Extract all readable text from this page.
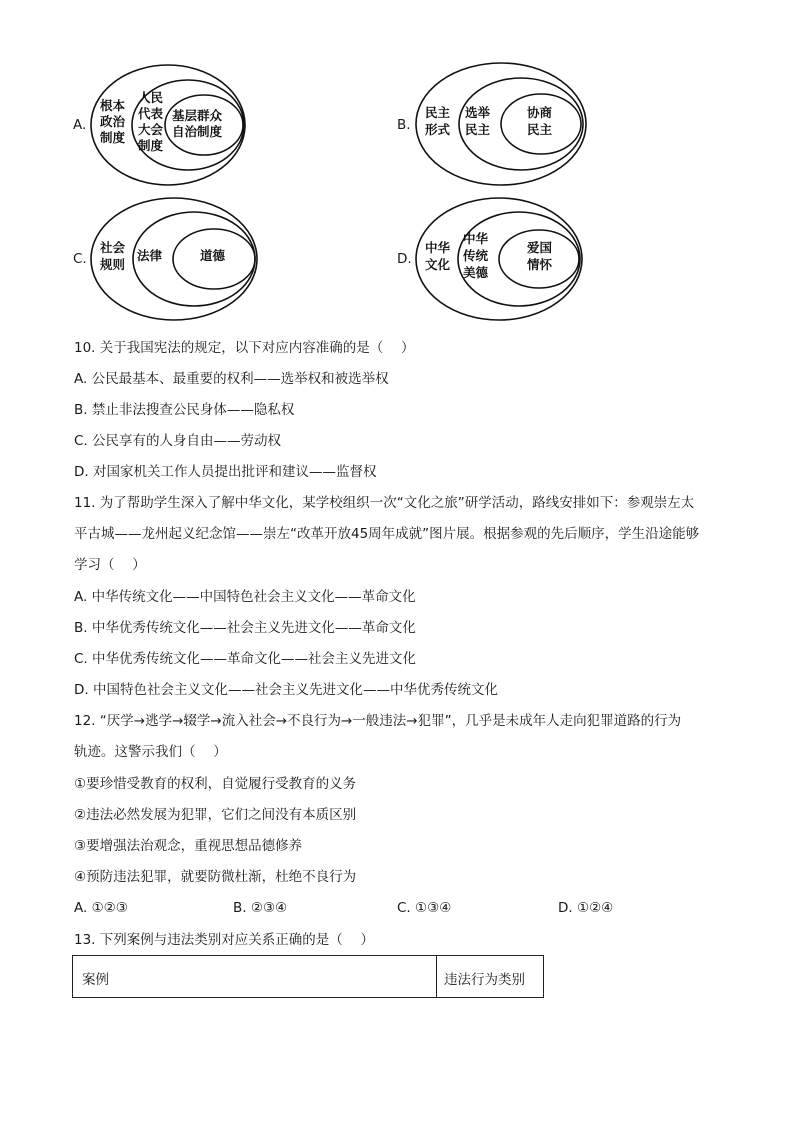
A.
根本
政治
制度
人民
代表
大会
制度
基层群众
自治制度	B.
民主
形式
选举
民主
协商
民主
C.
社会
规则
法律	道德	D.
中华
文化
中华
传统
美德
爱国
情怀
10. 关于我国宪法的规定，以下对应内容准确的是（　 ）
A. 公民最基本、最重要的权利——选举权和被选举权
B. 禁止非法搜查公民身体——隐私权
C. 公民享有的人身自由——劳动权
D. 对国家机关工作人员提出批评和建议——监督权
11. 为了帮助学生深入了解中华文化，某学校组织一次“文化之旅”研学活动，路线安排如下：参观崇左太
平古城——龙州起义纪念馆——崇左“改革开放45周年成就”图片展。根据参观的先后顺序，学生沿途能够
学习（　 ）
A. 中华传统文化——中国特色社会主义文化——革命文化
B. 中华优秀传统文化——社会主义先进文化——革命文化
C. 中华优秀传统文化——革命文化——社会主义先进文化
D. 中国特色社会主义文化——社会主义先进文化——中华优秀传统文化
12. “厌学→逃学→辍学→流入社会→不良行为→一般违法→犯罪”，几乎是未成年人走向犯罪道路的行为
轨迹。这警示我们（　 ）
①要珍惜受教育的权利，自觉履行受教育的义务
②违法必然发展为犯罪，它们之间没有本质区别
③要增强法治观念，重视思想品德修养
④预防违法犯罪，就要防微杜渐，杜绝不良行为
A. ①②③	B. ②③④	C. ①③④	D. ①②④
13. 下列案例与违法类别对应关系正确的是（　 ）
案例	违法行为类别
